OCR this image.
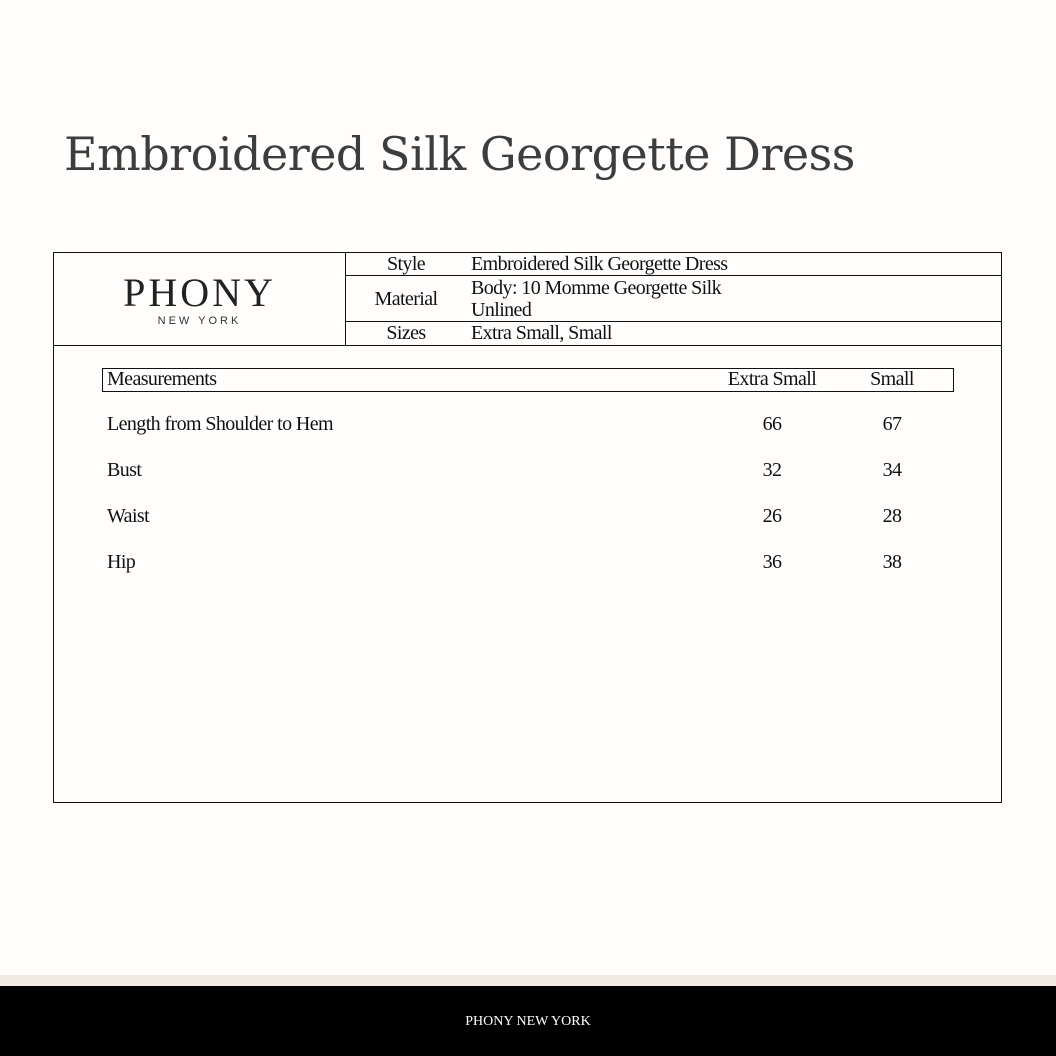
Embroidered Silk Georgette Dress
PHONY
NEW YORK
Style	Embroidered Silk Georgette Dress
Material	Body: 10 Momme Georgette Silk
Unlined
Sizes	Extra Small, Small
Measurements	Extra Small	Small
Length from Shoulder to Hem	66	67
Bust	32	34
Waist	26	28
Hip	36	38
PHONY NEW YORK
